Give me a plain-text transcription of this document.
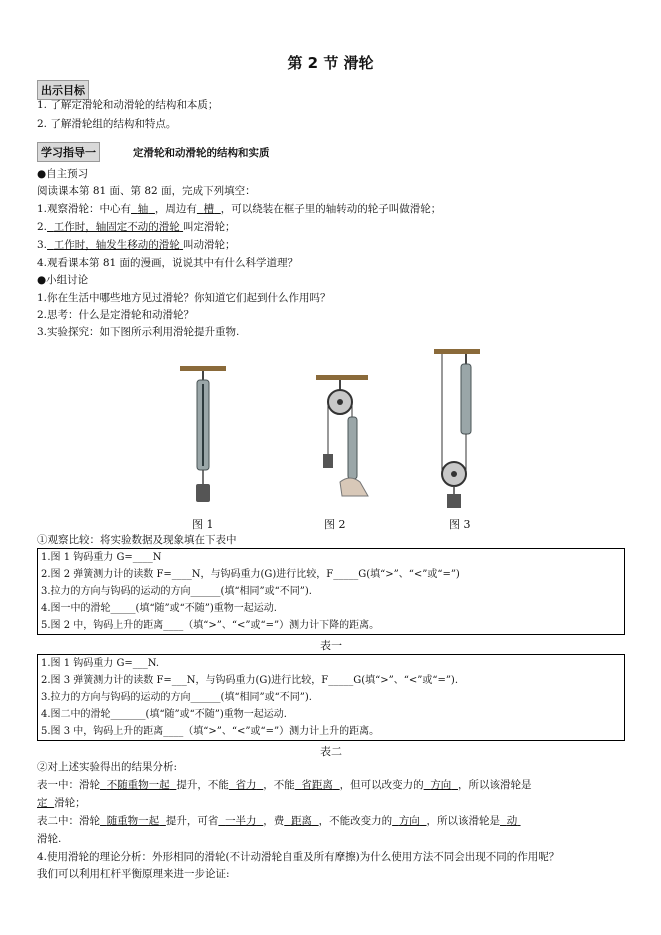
第 2 节 滑轮
出示目标
1. 了解定滑轮和动滑轮的结构和本质；
2. 了解滑轮组的结构和特点。
学习指导一	定滑轮和动滑轮的结构和实质
●自主预习
阅读课本第 81 面、第 82 面，完成下列填空：
1.观察滑轮：中心有 轴 ，周边有 槽 ，可以绕装在框子里的轴转动的轮子叫做滑轮；
2. 工作时，轴固定不动的滑轮 叫定滑轮；
3. 工作时，轴发生移动的滑轮 叫动滑轮；
4.观看课本第 81 面的漫画，说说其中有什么科学道理？
●小组讨论
1.你在生活中哪些地方见过滑轮？你知道它们起到什么作用吗？
2.思考：什么是定滑轮和动滑轮？
3.实验探究：如下图所示利用滑轮提升重物.
图 1	图 2	图 3
①观察比较：将实验数据及现象填在下表中
1.图 1 钩码重力 G=____N
2.图 2 弹簧测力计的读数 F=____N，与钩码重力(G)进行比较，F_____G(填“>”、“<”或“=”)
3.拉力的方向与钩码的运动的方向______(填“相同”或“不同”).
4.图一中的滑轮_____(填“随”或“不随”)重物一起运动.
5.图 2 中，钩码上升的距离____（填“>”、“<”或“=”）测力计下降的距离。
表一
1.图 1 钩码重力 G=___N.
2.图 3 弹簧测力计的读数 F=___N，与钩码重力(G)进行比较，F_____G(填“>”、“<”或“=”).
3.拉力的方向与钩码的运动的方向______(填“相同”或“不同”).
4.图二中的滑轮_______(填“随”或“不随”)重物一起运动.
5.图 3 中，钩码上升的距离____（填“>”、“<”或“=”）测力计上升的距离。
表二
②对上述实验得出的结果分析:
表一中：滑轮 不随重物一起 提升，不能 省力 ，不能 省距离 ，但可以改变力的 方向 ，所以该滑轮是
定 滑轮；
表二中：滑轮 随重物一起 提升，可省 一半力 ，费 距离 ，不能改变力的 方向 ，所以该滑轮是 动
滑轮.
4.使用滑轮的理论分析：外形相同的滑轮(不计动滑轮自重及所有摩擦)为什么使用方法不同会出现不同的作用呢？
我们可以利用杠杆平衡原理来进一步论证:
